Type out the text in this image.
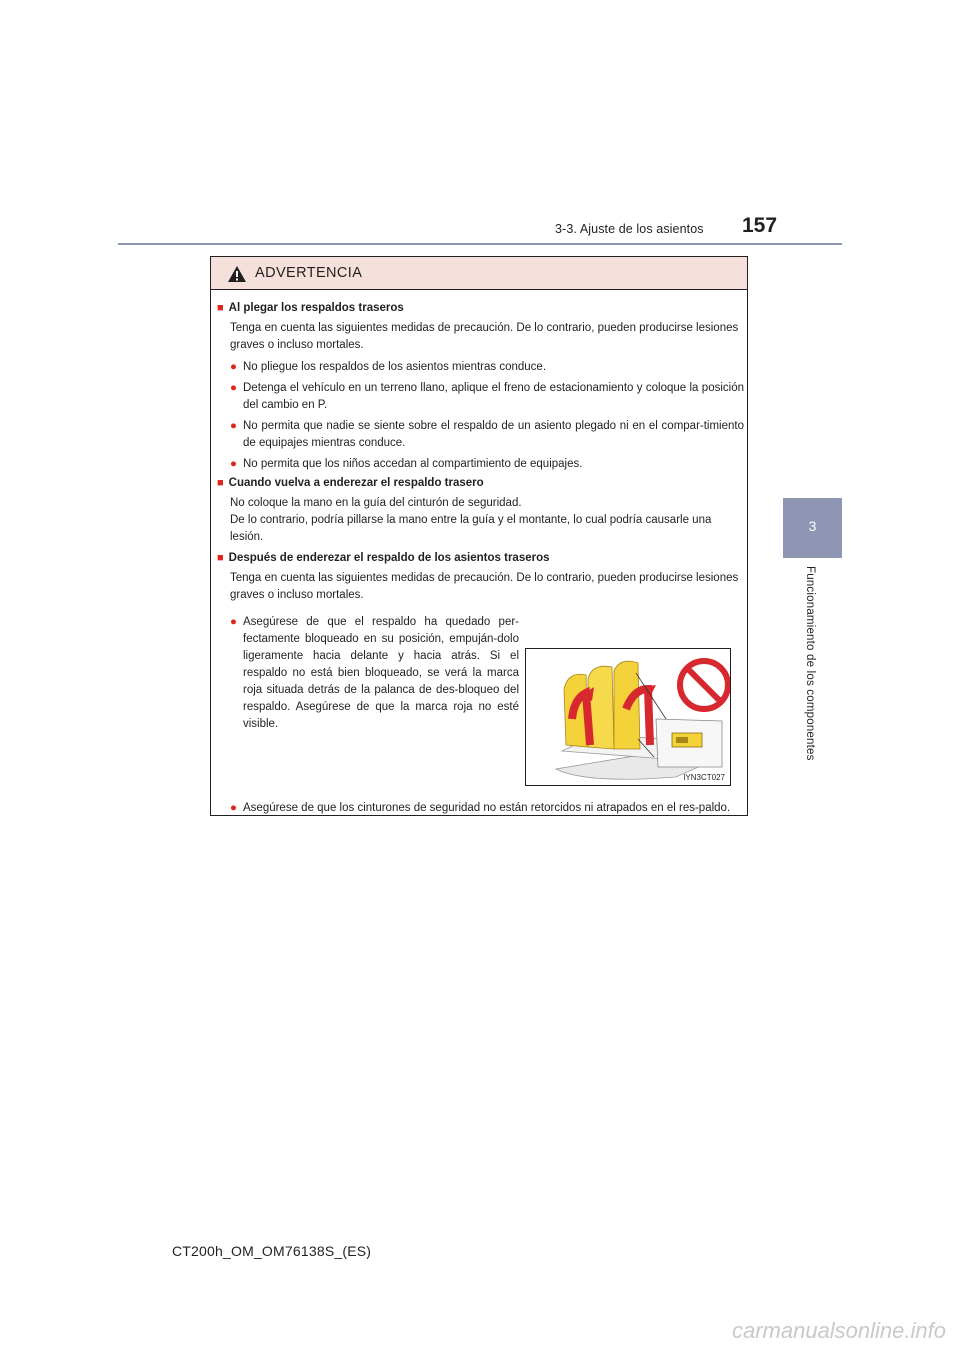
3-3. Ajuste de los asientos 157
3
Funcionamiento de los componentes
ADVERTENCIA
■ Al plegar los respaldos traseros
Tenga en cuenta las siguientes medidas de precaución. De lo contrario, pueden producirse lesiones graves o incluso mortales.
● No pliegue los respaldos de los asientos mientras conduce.
● Detenga el vehículo en un terreno llano, aplique el freno de estacionamiento y coloque la posición del cambio en P.
● No permita que nadie se siente sobre el respaldo de un asiento plegado ni en el compar-timiento de equipajes mientras conduce.
● No permita que los niños accedan al compartimiento de equipajes.
■ Cuando vuelva a enderezar el respaldo trasero
No coloque la mano en la guía del cinturón de seguridad.
De lo contrario, podría pillarse la mano entre la guía y el montante, lo cual podría causarle una lesión.
■ Después de enderezar el respaldo de los asientos traseros
Tenga en cuenta las siguientes medidas de precaución. De lo contrario, pueden producirse lesiones graves o incluso mortales.
● Asegúrese de que el respaldo ha quedado per-fectamente bloqueado en su posición, empuján-dolo ligeramente hacia delante y hacia atrás. Si el respaldo no está bien bloqueado, se verá la marca roja situada detrás de la palanca de des-bloqueo del respaldo. Asegúrese de que la marca roja no esté visible.
IYN3CT027
● Asegúrese de que los cinturones de seguridad no están retorcidos ni atrapados en el res-paldo.
CT200h_OM_OM76138S_(ES)
carmanualsonline.info
